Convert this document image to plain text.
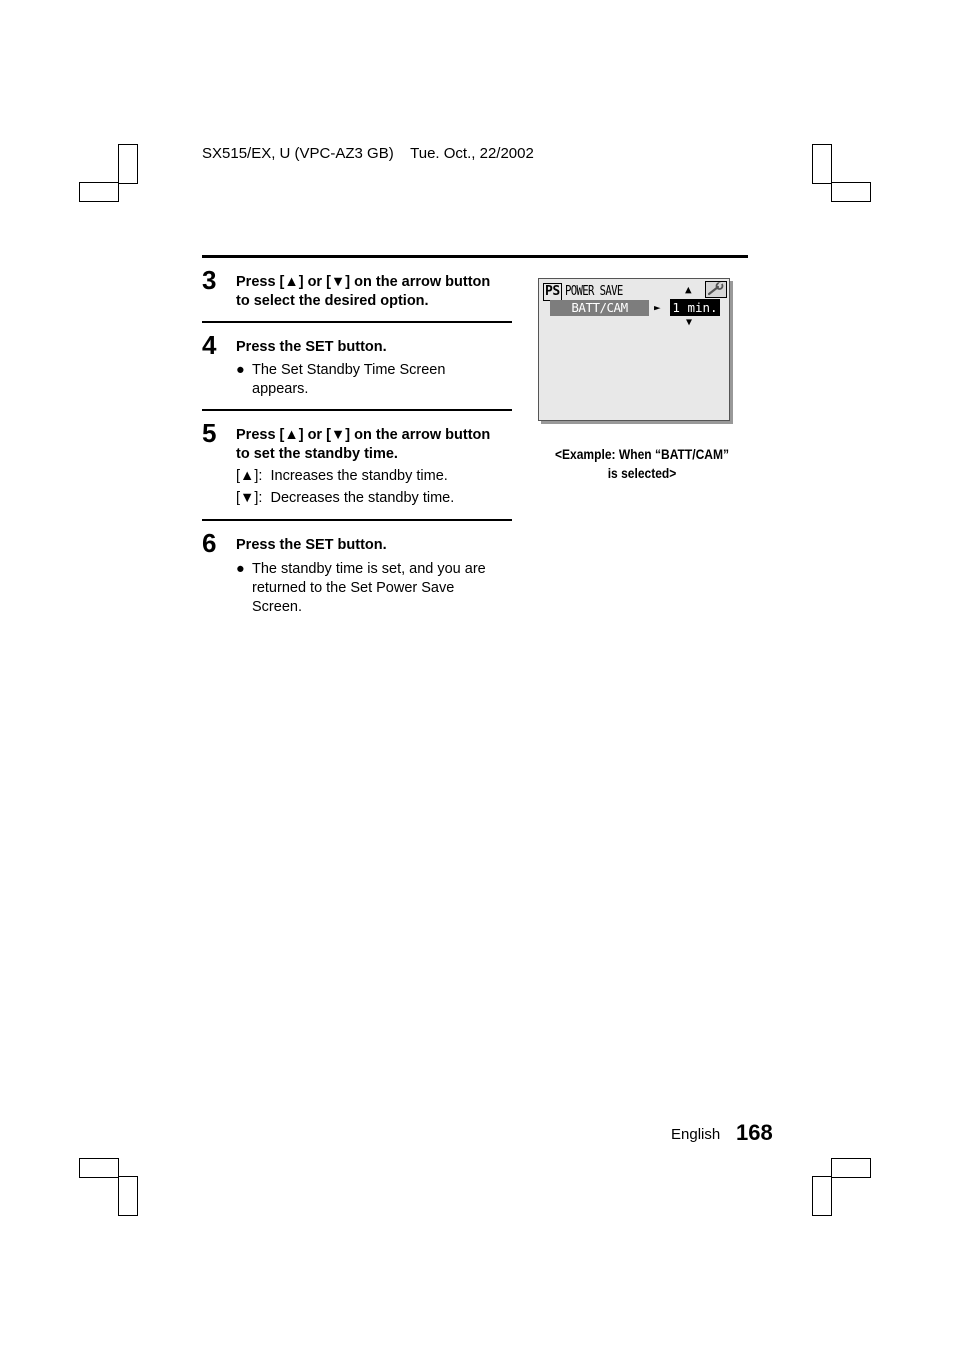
SX515/EX, U (VPC-AZ3 GB) Tue. Oct., 22/2002
3 Press [▲] or [▼] on the arrow button
to select the desired option.
4 Press the SET button.
● The Set Standby Time Screen
appears.
5 Press [▲] or [▼] on the arrow button
to set the standby time.
[▲]: Increases the standby time.
[▼]: Decreases the standby time.
6 Press the SET button.
● The standby time is set, and you are
returned to the Set Power Save
Screen.
PS POWER SAVE	▲
BATT/CAM	► 1 min.
▼
<Example: When “BATT/CAM”
is selected>
English 168
